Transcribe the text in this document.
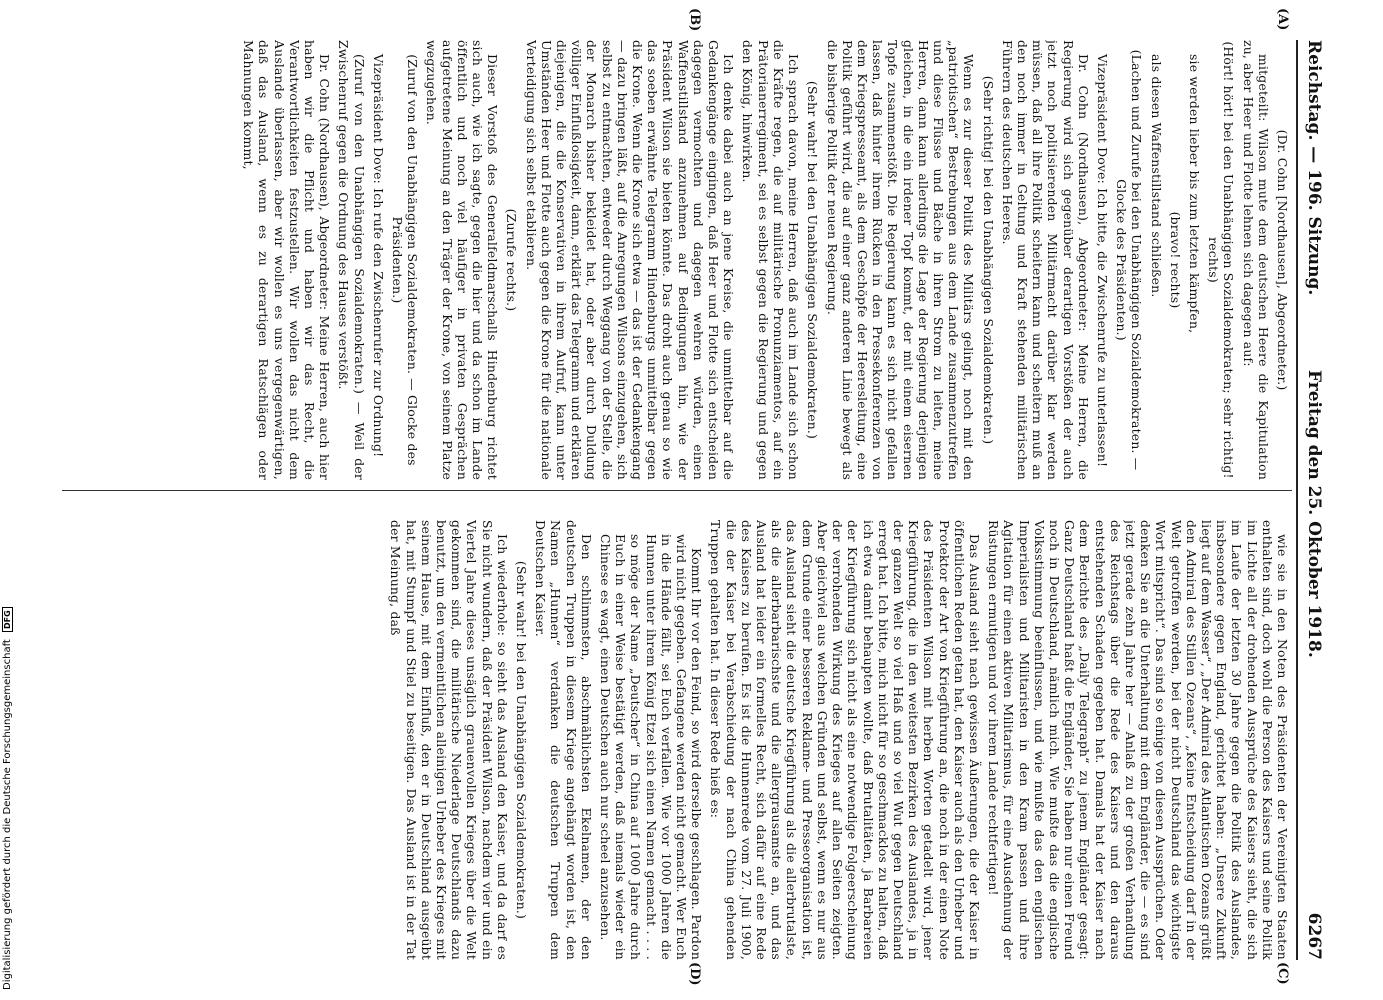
Reichstag. — 196. Sitzung.
Freitag den 25. Oktober 1918.
6267
(A)
(B)
(C)
(D)

(Dr. Cohn [Nordhausen], Abgeordneter.)

mitgeteilt: Wilson mute dem deutschen Heere die Kapitulation zu, aber Heer und Flotte lehnen sich dagegen auf:

(Hört! hört! bei den Unabhängigen Sozialdemokraten; sehr richtig! rechts)

sie werden lieber bis zum letzten kämpfen,

(bravo! rechts)

als diesen Waffenstillstand schließen.

(Lachen und Zurufe bei den Unabhängigen Sozialdemokraten. — Glocke des Präsidenten.)

Vizepräsident Dove: Ich bitte, die Zwischenrufe zu unterlassen!

Dr. Cohn (Nordhausen), Abgeordneter: Meine Herren, die Regierung wird sich gegenüber derartigen Vorstößen der auch jetzt noch politisierenden Militärmacht darüber klar werden müssen, daß all ihre Politik scheitern kann und scheitern muß an den noch immer in Geltung und Kraft stehenden militärischen Führern des deutschen Heeres.

(Sehr richtig! bei den Unabhängigen Sozialdemokraten.)

Wenn es zur dieser Politik des Militärs gelingt, noch mit den „patriotischen“ Bestrebungen aus dem Lande zusammenzutreffen und diese Flüsse und Bäche in ihren Strom zu leiten, meine Herren, dann kann allerdings die Lage der Regierung derjenigen gleichen, in die ein irdener Topf kommt, der mit einem eisernen Topfe zusammenstößt. Die Regierung kann es sich nicht gefallen lassen, daß hinter ihrem Rücken in den Pressekonferenzen von dem Kriegspresseamt, als dem Geschöpfe der Heeresleitung, eine Politik geführt wird, die auf einer ganz anderen Linie bewegt als die bisherige Politik der neuen Regierung.

(Sehr wahr! bei den Unabhängigen Sozialdemokraten.)

Ich sprach davon, meine Herren, daß auch im Lande sich schon die Kräfte regen, die auf militärische Pronunziamentos, auf ein Prätorianerregiment, sei es selbst gegen die Regierung und gegen den König, hinwirken.

Ich denke dabei auch an jene Kreise, die unmittelbar auf die Gedankengänge eingingen, daß Heer und Flotte sich entscheiden dagegen vermochten und dagegen wehren würden, einen Waffenstillstand anzunehmen auf Bedingungen hin, wie der Präsident Wilson sie bieten könnte. Das droht auch genau so wie das soeben erwähnte Telegramm Hindenburgs unmittelbar gegen die Krone. Wenn die Krone sich etwa — das ist der Gedankengang — dazu bringen läßt, auf die Anregungen Wilsons einzugehen, sich selbst zu entmachten, entweder durch Weggang von der Stelle, die der Monarch bisher bekleidet hat, oder aber durch Duldung völliger Einflußlosigkeit, dann, erklärt das Telegramm und erklären diejenigen, die die Konservativen in ihrem Aufruf, kann unter Umständen Heer und Flotte auch gegen die Krone für die nationale Verteidigung sich selbst etablieren.

(Zurufe rechts.)

Dieser Vorstoß des Generalfeldmarschalls Hindenburg richtet sich auch, wie ich sagte, gegen die hier und da schon im Lande öffentlich und noch viel häufiger in privaten Gesprächen aufgetretene Meinung an den Träger der Krone, von seinem Platze wegzugehen.

(Zuruf von den Unabhängigen Sozialdemokraten. — Glocke des Präsidenten.)

Vizepräsident Dove: Ich rufe den Zwischenrufer zur Ordnung!

(Zuruf von den Unabhängigen Sozialdemokraten.) — Weil der Zwischenruf gegen die Ordnung des Hauses verstößt.

Dr. Cohn (Nordhausen), Abgeordneter: Meine Herren, auch hier haben wir die Pflicht und haben wir das Recht, die Verantwortlichkeiten festzustellen. Wir wollen das nicht dem Auslande überlassen, aber wir wollen es uns vergegenwärtigen, daß das Ausland, wenn es zu derartigen Ratschlägen oder Mahnungen kommt,

wie sie in den Noten des Präsidenten der Vereinigten Staaten enthalten sind, doch wohl die Person des Kaisers und seine Politik im Lichte all der drohenden Aussprüche des Kaisers sieht, die sich im Laufe der letzten 30 Jahre gegen die Politik des Auslandes, insbesondere gegen England, gerichtet haben: „Unsere Zukunft liegt auf dem Wasser“, „Der Admiral des Atlantischen Ozeans grüßt den Admiral des Stillen Ozeans“, „Keine Entscheidung darf in der Welt getroffen werden, bei der nicht Deutschland das wichtigste Wort mitspricht“. Das sind so einige von diesen Aussprüchen. Oder denken Sie an die Unterhaltung mit dem Engländer, die — es sind jetzt gerade zehn Jahre her — Anlaß zu der großen Verhandlung des Reichstags über die Rede des Kaisers und den daraus entstehenden Schaden gegeben hat. Damals hat der Kaiser nach dem Berichte des „Daily Telegraph“ zu jenem Engländer gesagt: Ganz Deutschland haßt die Engländer, Sie haben nur einen Freund noch in Deutschland, nämlich mich. Wie mußte das die englische Volksstimmung beeinflussen, und wie mußte das den englischen Imperialisten und Militaristen in den Kram passen und ihre Agitation für einen aktiven Militarismus, für eine Ausdehnung der Rüstungen ermutigen und vor ihrem Lande rechtfertigen!

Das Ausland sieht nach gewissen Äußerungen, die der Kaiser in öffentlichen Reden getan hat, den Kaiser auch als den Urheber und Protektor der Art von Kriegführung an, die noch in der einen Note des Präsidenten Wilson mit herben Worten getadelt wird, jener Kriegführung, die in den weitesten Bezirken des Auslandes, ja in der ganzen Welt so viel Haß und so viel Wut gegen Deutschland erregt hat. Ich bitte, mich nicht für so geschmacklos zu halten, daß ich etwa damit behaupten wollte, daß Brutalitäten, ja Barbareien der Kriegführung sich nicht als eine notwendige Folgeerscheinung der verrohenden Wirkung des Krieges auf allen Seiten zeigten. Aber gleichviel aus welchen Gründen und selbst, wenn es nur aus dem Grunde einer besseren Reklame- und Presseorganisation ist, das Ausland sieht die deutsche Kriegführung als die allerbrutalste, als die allerbarbarischste und die allergrausamste an, und das Ausland hat leider ein formelles Recht, sich dafür auf eine Rede des Kaisers zu berufen. Es ist die Hunnenrede vom 27. Juli 1900, die der Kaiser bei Verabschiedung der nach China gehenden Truppen gehalten hat. In dieser Rede hieß es:

Kommt Ihr vor den Feind, so wird derselbe geschlagen. Pardon wird nicht gegeben. Gefangene werden nicht gemacht. Wer Euch in die Hände fällt, sei Euch verfallen. Wie vor 1000 Jahren die Hunnen unter ihrem König Etzel sich einen Namen gemacht . . . . so möge der Name „Deutscher“ in China auf 1000 Jahre durch Euch in einer Weise bestätigt werden, daß niemals wieder ein Chinese es wagt, einen Deutschen auch nur scheel anzusehen.

Den schlimmsten, abschmählichsten Ekelnamen, der den deutschen Truppen in diesem Kriege angehängt worden ist, den Namen „Hunnen“ verdanken die deutschen Truppen dem Deutschen Kaiser.

(Sehr wahr! bei den Unabhängigen Sozialdemokraten.)

Ich wiederhole: so sieht das Ausland den Kaiser, und da darf es Sie nicht wundern, daß der Präsident Wilson, nachdem vier und ein Viertel Jahre dieses unsäglich grauenvollen Krieges über die Welt gekommen sind, die militärische Niederlage Deutschlands dazu benutzt, um den vermeintlichen alleinigen Urheber des Krieges mit seinem Hause, mit dem Einfluß, den er in Deutschland ausgeübt hat, mit Stumpf und Stiel zu beseitigen. Das Ausland ist in der Tat der Meinung, daß

Digitalisierung gefördert durch die Deutsche Forschungsgemeinschaft DFG
